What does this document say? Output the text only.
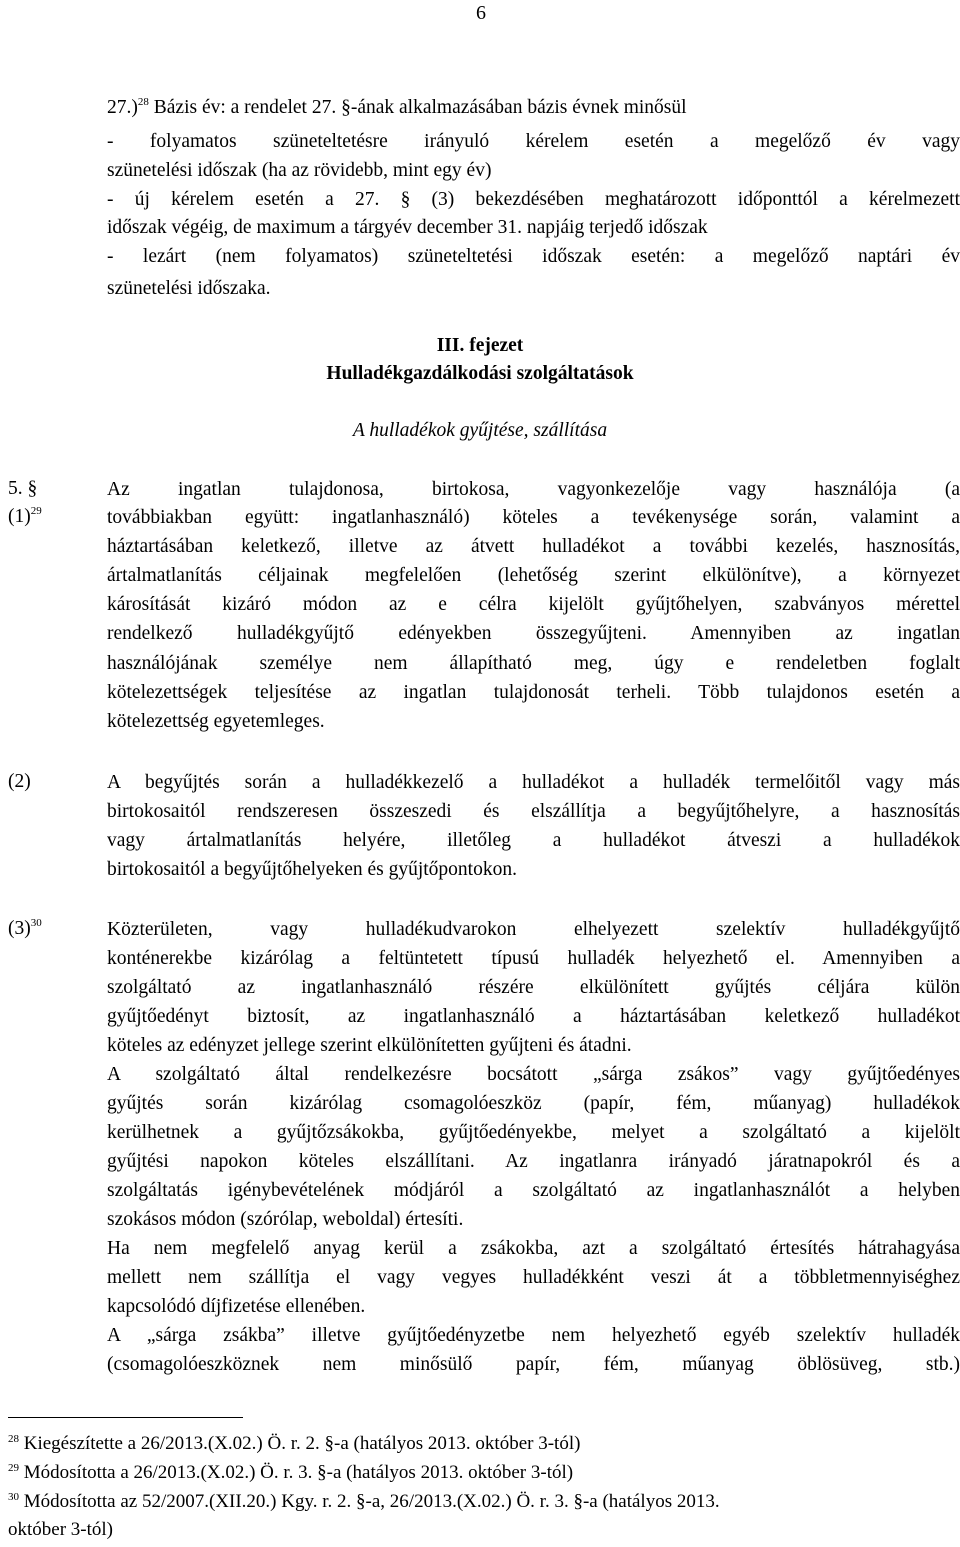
6
27.)$^{28}$ Bázis év: a rendelet 27. §-ának alkalmazásában bázis évnek minősül
- folyamatos szüneteltetésre irányuló kérelem esetén a megelőző év vagy
szünetelési időszak (ha az rövidebb, mint egy év)
- új kérelem esetén a 27. § (3) bekezdésében meghatározott időponttól a kérelmezett
időszak végéig, de maximum a tárgyév december 31. napjáig terjedő időszak
- lezárt (nem folyamatos) szüneteltetési időszak esetén: a megelőző naptári év
szünetelési időszaka.
III. fejezet
Hulladékgazdálkodási szolgáltatások
A hulladékok gyűjtése, szállítása
5. §
$(1)^{29}$
Az ingatlan tulajdonosa, birtokosa, vagyonkezelője vagy használója (a
továbbiakban együtt: ingatlanhasználó) köteles a tevékenysége során, valamint a
háztartásában keletkező, illetve az átvett hulladékot a további kezelés, hasznosítás,
ártalmatlanítás céljainak megfelelően (lehetőség szerint elkülönítve), a környezet
károsítását kizáró módon az e célra kijelölt gyűjtőhelyen, szabványos mérettel
rendelkező hulladékgyűjtő edényekben összegyűjteni. Amennyiben az ingatlan
használójának személye nem állapítható meg, úgy e rendeletben foglalt
kötelezettségek teljesítése az ingatlan tulajdonosát terheli. Több tulajdonos esetén a
kötelezettség egyetemleges.
(2)	A begyűjtés során a hulladékkezelő a hulladékot a hulladék termelőitől vagy más
birtokosaitól rendszeresen összeszedi és elszállítja a begyűjtőhelyre, a hasznosítás
vagy ártalmatlanítás helyére, illetőleg a hulladékot átveszi a hulladékok
birtokosaitól a begyűjtőhelyeken és gyűjtőpontokon.
$(3)^{30}$	Közterületen, vagy hulladékudvarokon elhelyezett szelektív hulladékgyűjtő
konténerekbe kizárólag a feltüntetett típusú hulladék helyezhető el. Amennyiben a
szolgáltató az ingatlanhasználó részére elkülönített gyűjtés céljára külön
gyűjtőedényt biztosít, az ingatlanhasználó a háztartásában keletkező hulladékot
köteles az edényzet jellege szerint elkülönítetten gyűjteni és átadni.
A szolgáltató által rendelkezésre bocsátott „sárga zsákos” vagy gyűjtőedényes
gyűjtés során kizárólag csomagolóeszköz (papír, fém, műanyag) hulladékok
kerülhetnek a gyűjtőzsákokba, gyűjtőedényekbe, melyet a szolgáltató a kijelölt
gyűjtési napokon köteles elszállítani. Az ingatlanra irányadó járatnapokról és a
szolgáltatás igénybevételének módjáról a szolgáltató az ingatlanhasználót a helyben
szokásos módon (szórólap, weboldal) értesíti.
Ha nem megfelelő anyag kerül a zsákokba, azt a szolgáltató értesítés hátrahagyása
mellett nem szállítja el vagy vegyes hulladékként veszi át a többletmennyiséghez
kapcsolódó díjfizetése ellenében.
A „sárga zsákba” illetve gyűjtőedényzetbe nem helyezhető egyéb szelektív hulladék
(csomagolóeszköznek nem minősülő papír, fém, műanyag öblösüveg, stb.)
$^{28}$ Kiegészítette a 26/2013.(X.02.) Ö. r. 2. §-a (hatályos 2013. október 3-tól)
$^{29}$ Módosította a 26/2013.(X.02.) Ö. r. 3. §-a (hatályos 2013. október 3-tól)
$^{30}$ Módosította az 52/2007.(XII.20.) Kgy. r. 2. §-a, 26/2013.(X.02.) Ö. r. 3. §-a (hatályos 2013.
október 3-tól)
